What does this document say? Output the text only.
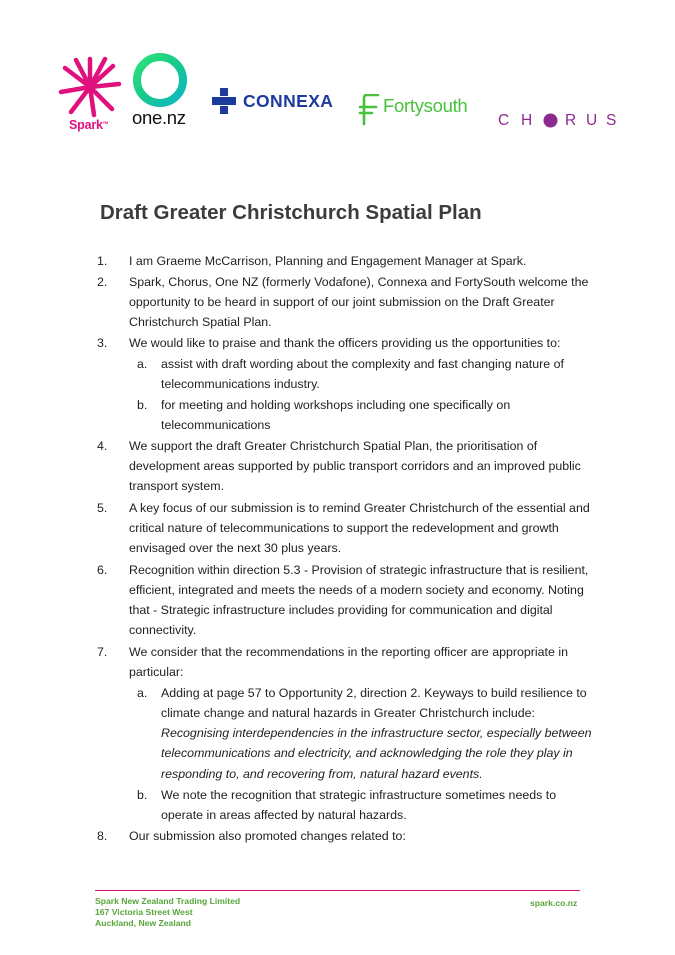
Spark™ one.nz
CONNEXA	Fortysouth
C H R U S
Draft Greater Christchurch Spatial Plan
1. I am Graeme McCarrison, Planning and Engagement Manager at Spark.
2. Spark, Chorus, One NZ (formerly Vodafone), Connexa and FortySouth welcome the
opportunity to be heard in support of our joint submission on the Draft Greater
Christchurch Spatial Plan.
3. We would like to praise and thank the officers providing us the opportunities to:
a. assist with draft wording about the complexity and fast changing nature of
telecommunications industry.
b. for meeting and holding workshops including one specifically on
telecommunications
4. We support the draft Greater Christchurch Spatial Plan, the prioritisation of
development areas supported by public transport corridors and an improved public
transport system.
5. A key focus of our submission is to remind Greater Christchurch of the essential and
critical nature of telecommunications to support the redevelopment and growth
envisaged over the next 30 plus years.
6. Recognition within direction 5.3 - Provision of strategic infrastructure that is resilient,
efficient, integrated and meets the needs of a modern society and economy. Noting
that - Strategic infrastructure includes providing for communication and digital
connectivity.
7. We consider that the recommendations in the reporting officer are appropriate in
particular:
a. Adding at page 57 to Opportunity 2, direction 2. Keyways to build resilience to
climate change and natural hazards in Greater Christchurch include:
Recognising interdependencies in the infrastructure sector, especially between
telecommunications and electricity, and acknowledging the role they play in
responding to, and recovering from, natural hazard events.
b. We note the recognition that strategic infrastructure sometimes needs to
operate in areas affected by natural hazards.
8. Our submission also promoted changes related to:
Spark New Zealand Trading Limited
167 Victoria Street West
Auckland, New Zealand
spark.co.nz
